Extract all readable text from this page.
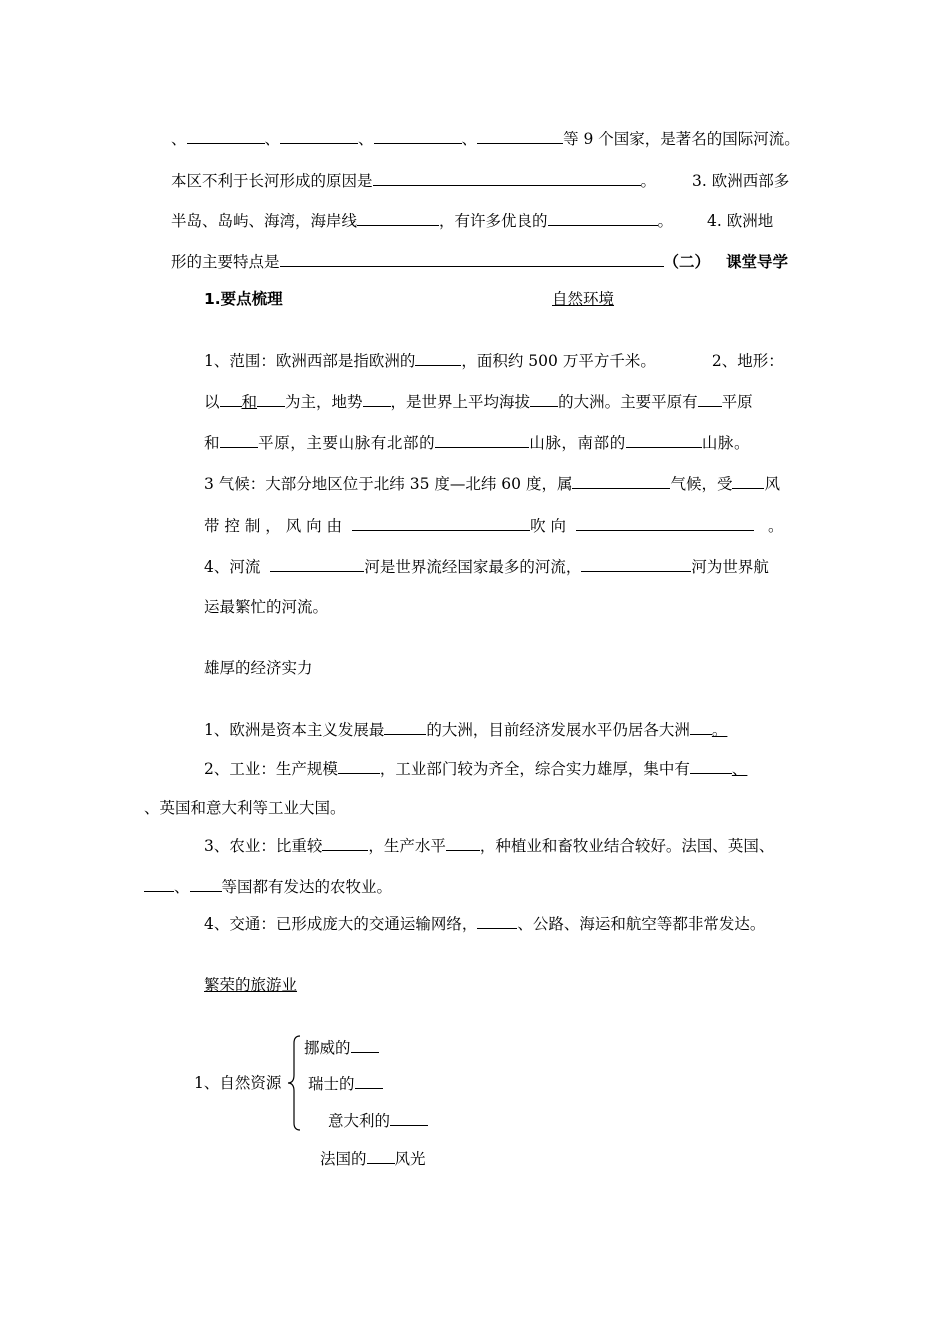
、	、	、	、	等 9 个国家，是著名的国际河流。
本区不利于长河形成的原因是	。 3. 欧洲西部多
半岛、岛屿、海湾，海岸线	，有许多优良的	。 4. 欧洲地
形的主要特点是	（二） 课堂导学
1.要点梳理	自然环境
1、范围：欧洲西部是指欧洲的	，面积约 500 万平方千米。	2、地形：
以 和 为主，地势 ，是世界上平均海拔 的大洲。主要平原有 平原
和 平原，主要山脉有北部的	山脉，南部的	山脉。
3 气候：大部分地区位于北纬 35 度—北纬 60 度，属	气候，受 风
带 控 制 ， 风 向 由	吹 向	。
4、河流	河是世界流经国家最多的河流，	河为世界航
运最繁忙的河流。
雄厚的经济实力
1、欧洲是资本主义发展最	的大洲，目前经济发展水平仍居各大洲 。
2、工业：生产规模	，工业部门较为齐全，综合实力雄厚，集中有	、
、英国和意大利等工业大国。
3、农业：比重较	，生产水平 ，种植业和畜牧业结合较好。法国、英国、
、 等国都有发达的农牧业。
4、交通：已形成庞大的交通运输网络，	、公路、海运和航空等都非常发达。
繁荣的旅游业
1、自然资源
挪威的
瑞士的
意大利的
法国的 风光
